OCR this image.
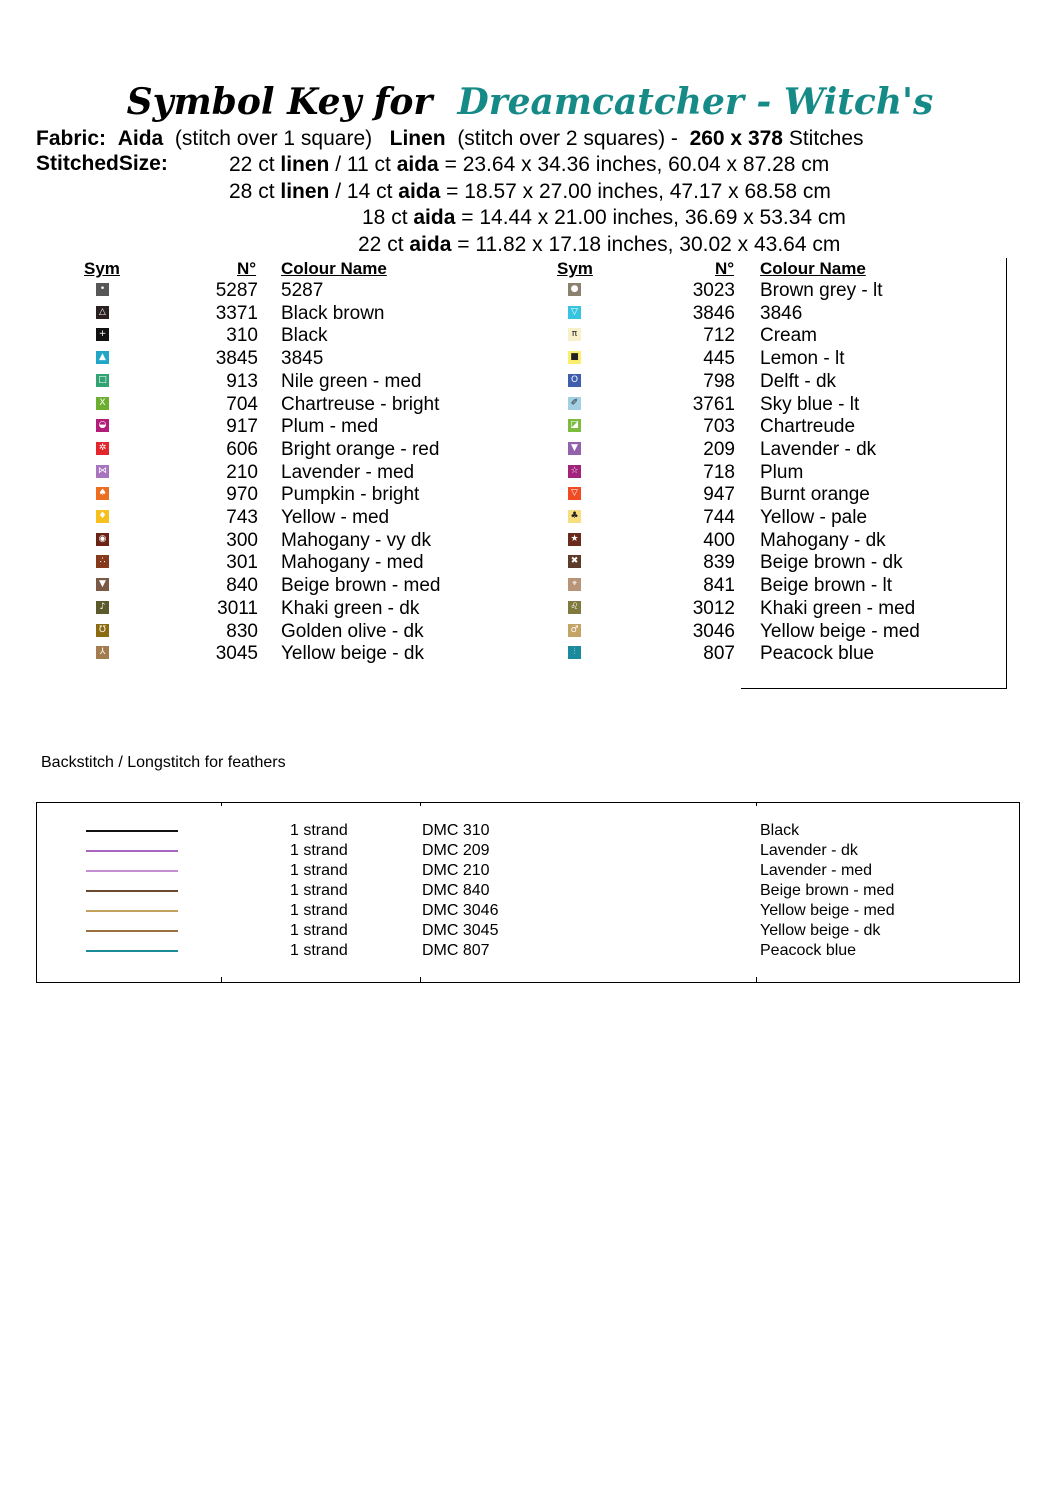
Symbol Key for Dreamcatcher - Witch's
Fabric: Aida (stitch over 1 square) Linen (stitch over 2 squares) - 260 x 378 Stitches
StitchedSize:	22 ct linen / 11 ct aida = 23.64 x 34.36 inches, 60.04 x 87.28 cm
28 ct linen / 14 ct aida = 18.57 x 27.00 inches, 47.17 x 68.58 cm
18 ct aida = 14.44 x 21.00 inches, 36.69 x 53.34 cm
22 ct aida = 11.82 x 17.18 inches, 30.02 x 43.64 cm
Sym	N° Colour Name	Sym	N° Colour Name
•	5287 5287
△	3371 Black brown
+	310 Black
▲	3845 3845
□	913 Nile green - med
X	704 Chartreuse - bright
◒	917 Plum - med
✲	606 Bright orange - red
⋈	210 Lavender - med
♠	970 Pumpkin - bright
♦	743 Yellow - med
◉	300 Mahogany - vy dk
∴	301 Mahogany - med
▼	840 Beige brown - med
♪	3011 Khaki green - dk
℧	830 Golden olive - dk
⅄	3045 Yellow beige - dk
●	3023 Brown grey - lt
▽	3846 3846
π	712 Cream
■	445 Lemon - lt
O	798 Delft - dk
✐	3761 Sky blue - lt
◪	703 Chartreude
▼	209 Lavender - dk
☆	718 Plum
▽	947 Burnt orange
♣	744 Yellow - pale
★	400 Mahogany - dk
✖	839 Beige brown - dk
⌖	841 Beige brown - lt
♌	3012 Khaki green - med
♂	3046 Yellow beige - med
⫶	807 Peacock blue
Backstitch / Longstitch for feathers
1 strand	DMC 310	Black
1 strand	DMC 209	Lavender - dk
1 strand	DMC 210	Lavender - med
1 strand	DMC 840	Beige brown - med
1 strand	DMC 3046	Yellow beige - med
1 strand	DMC 3045	Yellow beige - dk
1 strand	DMC 807	Peacock blue
